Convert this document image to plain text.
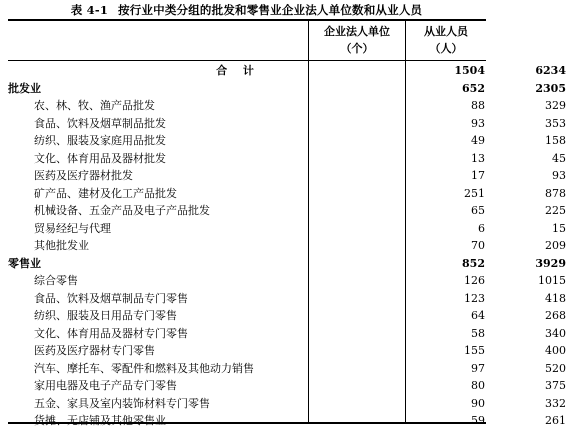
表 4-1 按行业中类分组的批发和零售业企业法人单位数和从业人员
企业法人单位
（个）
从业人员
（人）
合 计	1504	6234
批发业	652	2305
农、林、牧、渔产品批发	88	329
食品、饮料及烟草制品批发	93	353
纺织、服装及家庭用品批发	49	158
文化、体育用品及器材批发	13	45
医药及医疗器材批发	17	93
矿产品、建材及化工产品批发	251	878
机械设备、五金产品及电子产品批发	65	225
贸易经纪与代理	6	15
其他批发业	70	209
零售业	852	3929
综合零售	126	1015
食品、饮料及烟草制品专门零售	123	418
纺织、服装及日用品专门零售	64	268
文化、体育用品及器材专门零售	58	340
医药及医疗器材专门零售	155	400
汽车、摩托车、零配件和燃料及其他动力销售	97	520
家用电器及电子产品专门零售	80	375
五金、家具及室内装饰材料专门零售	90	332
货摊、无店铺及其他零售业	59	261
